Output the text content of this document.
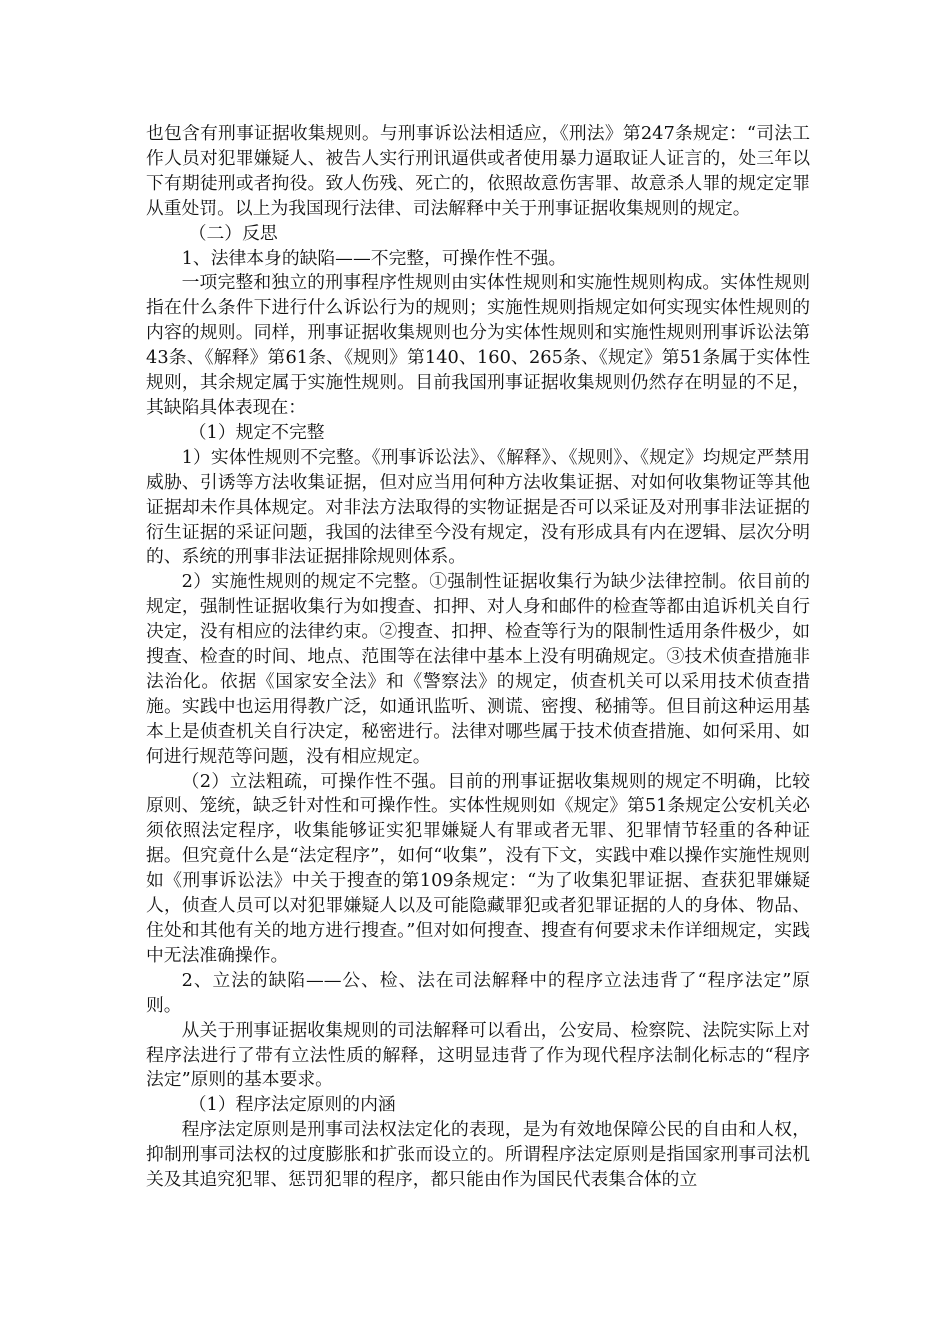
也包含有刑事证据收集规则。与刑事诉讼法相适应，《刑法》第247条规定：“司法工作人员对犯罪嫌疑人、被告人实行刑讯逼供或者使用暴力逼取证人证言的，处三年以下有期徒刑或者拘役。致人伤残、死亡的，依照故意伤害罪、故意杀人罪的规定定罪从重处罚。以上为我国现行法律、司法解释中关于刑事证据收集规则的规定。

（二）反思

1、法律本身的缺陷——不完整，可操作性不强。

一项完整和独立的刑事程序性规则由实体性规则和实施性规则构成。实体性规则指在什么条件下进行什么诉讼行为的规则；实施性规则指规定如何实现实体性规则的内容的规则。同样，刑事证据收集规则也分为实体性规则和实施性规则刑事诉讼法第43条、《解释》第61条、《规则》第140、160、265条、《规定》第51条属于实体性规则，其余规定属于实施性规则。目前我国刑事证据收集规则仍然存在明显的不足，其缺陷具体表现在：

（1）规定不完整

1）实体性规则不完整。《刑事诉讼法》、《解释》、《规则》、《规定》均规定严禁用威胁、引诱等方法收集证据，但对应当用何种方法收集证据、对如何收集物证等其他证据却未作具体规定。对非法方法取得的实物证据是否可以采证及对刑事非法证据的衍生证据的采证问题，我国的法律至今没有规定，没有形成具有内在逻辑、层次分明的、系统的刑事非法证据排除规则体系。

2）实施性规则的规定不完整。①强制性证据收集行为缺少法律控制。依目前的规定，强制性证据收集行为如搜查、扣押、对人身和邮件的检查等都由追诉机关自行决定，没有相应的法律约束。②搜查、扣押、检查等行为的限制性适用条件极少，如搜查、检查的时间、地点、范围等在法律中基本上没有明确规定。③技术侦查措施非法治化。依据《国家安全法》和《警察法》的规定，侦查机关可以采用技术侦查措施。实践中也运用得教广泛，如通讯监听、测谎、密搜、秘捕等。但目前这种运用基本上是侦查机关自行决定，秘密进行。法律对哪些属于技术侦查措施、如何采用、如何进行规范等问题，没有相应规定。

（2）立法粗疏，可操作性不强。目前的刑事证据收集规则的规定不明确，比较原则、笼统，缺乏针对性和可操作性。实体性规则如《规定》第51条规定公安机关必须依照法定程序，收集能够证实犯罪嫌疑人有罪或者无罪、犯罪情节轻重的各种证据。但究竟什么是“法定程序”，如何“收集”，没有下文，实践中难以操作实施性规则如《刑事诉讼法》中关于搜查的第109条规定：“为了收集犯罪证据、查获犯罪嫌疑人，侦查人员可以对犯罪嫌疑人以及可能隐藏罪犯或者犯罪证据的人的身体、物品、住处和其他有关的地方进行搜查。”但对如何搜查、搜查有何要求未作详细规定，实践中无法准确操作。

2、立法的缺陷——公、检、法在司法解释中的程序立法违背了“程序法定”原则。

从关于刑事证据收集规则的司法解释可以看出，公安局、检察院、法院实际上对程序法进行了带有立法性质的解释，这明显违背了作为现代程序法制化标志的“程序法定”原则的基本要求。

（1）程序法定原则的内涵

程序法定原则是刑事司法权法定化的表现，是为有效地保障公民的自由和人权，抑制刑事司法权的过度膨胀和扩张而设立的。所谓程序法定原则是指国家刑事司法机关及其追究犯罪、惩罚犯罪的程序，都只能由作为国民代表集合体的立
